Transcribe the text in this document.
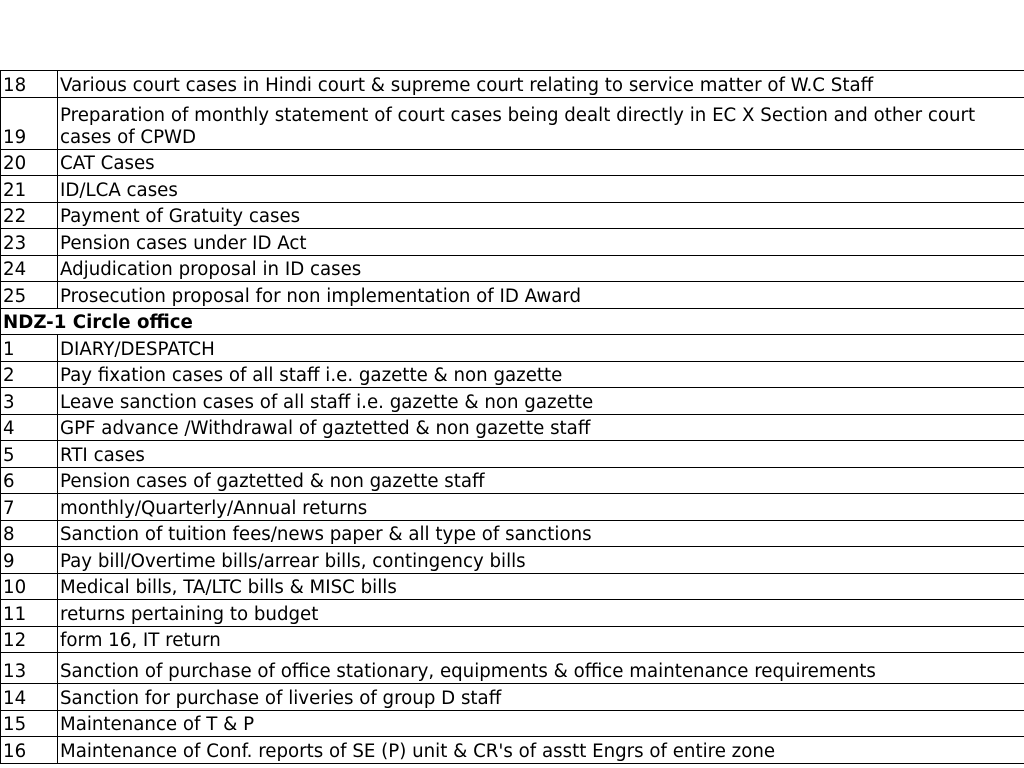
18	Various court cases in Hindi court & supreme court relating to service matter of W.C Staff
19	Preparation of monthly statement of court cases being dealt directly in EC X Section and other court cases of CPWD
20	CAT Cases
21	ID/LCA cases
22	Payment of Gratuity cases
23	Pension cases under ID Act
24	Adjudication proposal in ID cases
25	Prosecution proposal for non implementation of ID Award
NDZ-1 Circle office	
1	DIARY/DESPATCH
2	Pay fixation cases of all staff i.e. gazette & non gazette
3	Leave sanction cases of all staff i.e. gazette & non gazette
4	GPF advance /Withdrawal of gaztetted & non gazette staff
5	RTI cases
6	Pension cases of gaztetted & non gazette staff
7	monthly/Quarterly/Annual returns
8	Sanction of tuition fees/news paper & all type of sanctions
9	Pay bill/Overtime bills/arrear bills, contingency bills
10	Medical bills, TA/LTC bills & MISC bills
11	returns pertaining to budget
12	form 16, IT return
13	Sanction of purchase of office stationary, equipments & office maintenance requirements
14	Sanction for purchase of liveries of group D staff
15	Maintenance of T & P
16	Maintenance of Conf. reports of SE (P) unit & CR's of asstt Engrs of entire zone
